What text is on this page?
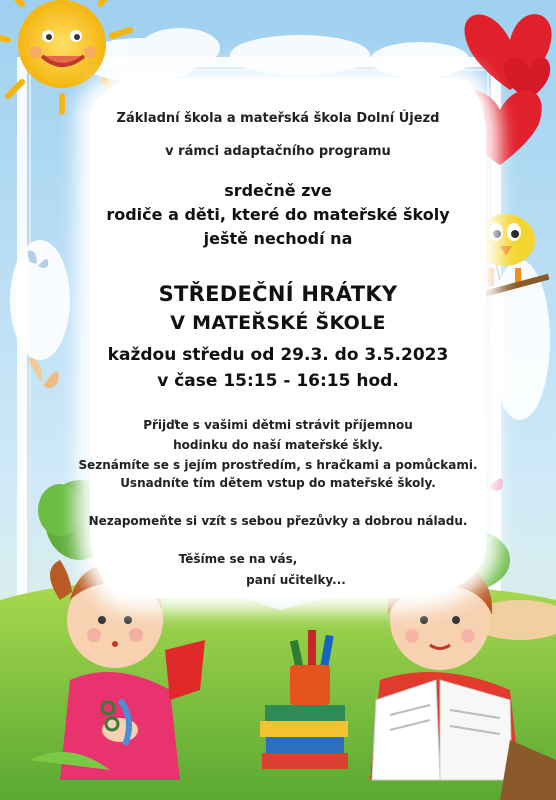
Základní škola a mateřská škola Dolní Újezd
v rámci adaptačního programu
srdečně zve
rodiče a děti, které do mateřské školy
ještě nechodí na
STŘEDEČNÍ HRÁTKY
V MATEŘSKÉ ŠKOLE
každou středu od 29.3. do 3.5.2023
v čase 15:15 - 16:15 hod.
Přijďte s vašimi dětmi strávit příjemnou
hodinku do naší mateřské škly.
Seznámíte se s jejím prostředím, s hračkami a pomůckami.
Usnadníte tím dětem vstup do mateřské školy.
Nezapomeňte si vzít s sebou přezůvky a dobrou náladu.
Těšíme se na vás,
paní učitelky...
